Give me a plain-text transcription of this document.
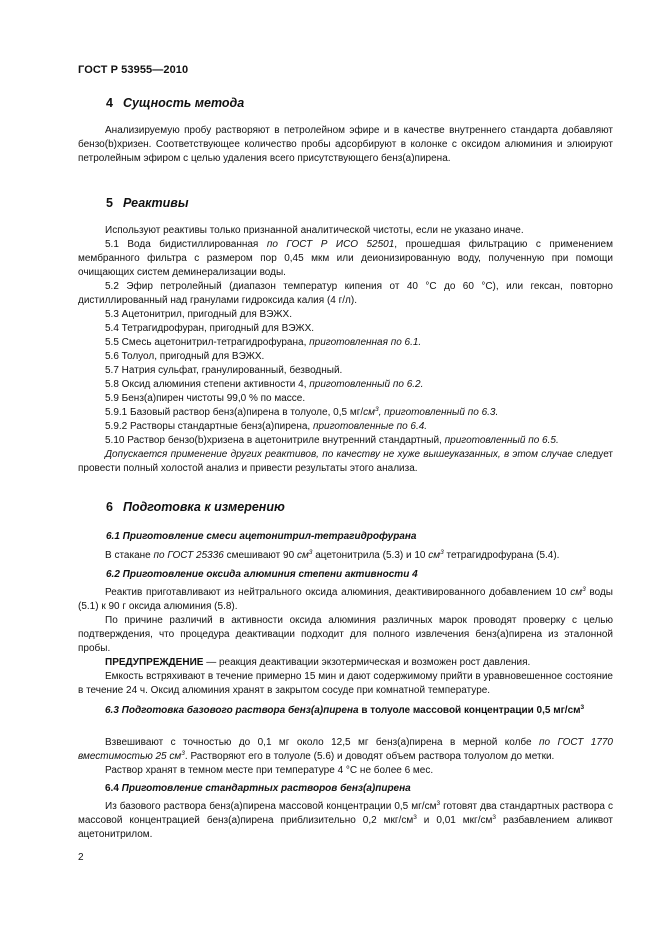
ГОСТ Р 53955—2010
4 Сущность метода

Анализируемую пробу растворяют в петролейном эфире и в качестве внутреннего стандарта добавляют бензо(b)хризен. Соответствующее количество пробы адсорбируют в колонке с оксидом алюминия и элюируют петролейным эфиром с целью удаления всего присутствующего бенз(а)пирена.

5 Реактивы

Используют реактивы только признанной аналитической чистоты, если не указано иначе.

5.1 Вода бидистиллированная по ГОСТ Р ИСО 52501, прошедшая фильтрацию с применением мембранного фильтра с размером пор 0,45 мкм или деионизированную воду, полученную при помощи очищающих систем деминерализации воды.

5.2 Эфир петролейный (диапазон температур кипения от 40 °С до 60 °С), или гексан, повторно дистиллированный над гранулами гидроксида калия (4 г/л).

5.3 Ацетонитрил, пригодный для ВЭЖХ.

5.4 Тетрагидрофуран, пригодный для ВЭЖХ.

5.5 Смесь ацетонитрил-тетрагидрофурана, приготовленная по 6.1.

5.6 Толуол, пригодный для ВЭЖХ.

5.7 Натрия сульфат, гранулированный, безводный.

5.8 Оксид алюминия степени активности 4, приготовленный по 6.2.

5.9 Бенз(а)пирен чистоты 99,0 % по массе.

5.9.1 Базовый раствор бенз(а)пирена в толуоле, 0,5 $мг/см^3$, приготовленный по 6.3.

5.9.2 Растворы стандартные бенз(а)пирена, приготовленные по 6.4.

5.10 Раствор бензо(b)хризена в ацетонитриле внутренний стандартный, приготовленный по 6.5.

Допускается применение других реактивов, по качеству не хуже вышеуказанных, в этом случае следует провести полный холостой анализ и привести результаты этого анализа.

6 Подготовка к измерению
6.1 Приготовление смеси ацетонитрил-тетрагидрофурана

В стакане по ГОСТ 25336 смешивают 90 $см^3$ ацетонитрила (5.3) и 10 $см^3$ тетрагидрофурана (5.4).

6.2 Приготовление оксида алюминия степени активности 4

Реактив приготавливают из нейтрального оксида алюминия, деактивированного добавлением 10 $см^3$ воды (5.1) к 90 г оксида алюминия (5.8).

По причине различий в активности оксида алюминия различных марок проводят проверку с целью подтверждения, что процедура деактивации подходит для полного извлечения бенз(а)пирена из эталонной пробы.

ПРЕДУПРЕЖДЕНИЕ — реакция деактивации экзотермическая и возможен рост давления.

Емкость встряхивают в течение примерно 15 мин и дают содержимому прийти в уравновешенное состояние в течение 24 ч. Оксид алюминия хранят в закрытом сосуде при комнатной температуре.

6.3 Подготовка базового раствора бенз(а)пирена в толуоле массовой концентрации 0,5 $мг/см^3$

Взвешивают с точностью до 0,1 мг около 12,5 мг бенз(а)пирена в мерной колбе по ГОСТ 1770 вместимостью 25 $см^3$. Растворяют его в толуоле (5.6) и доводят объем раствора толуолом до метки.

Раствор хранят в темном месте при температуре 4 °С не более 6 мес.

6.4 Приготовление стандартных растворов бенз(а)пирена

Из базового раствора бенз(а)пирена массовой концентрации 0,5 $мг/см^3$ готовят два стандартных раствора с массовой концентрацией бенз(а)пирена приблизительно 0,2 мкг/$см^3$ и 0,01 мкг/$см^3$ разбавлением аликвот ацетонитрилом.

2
